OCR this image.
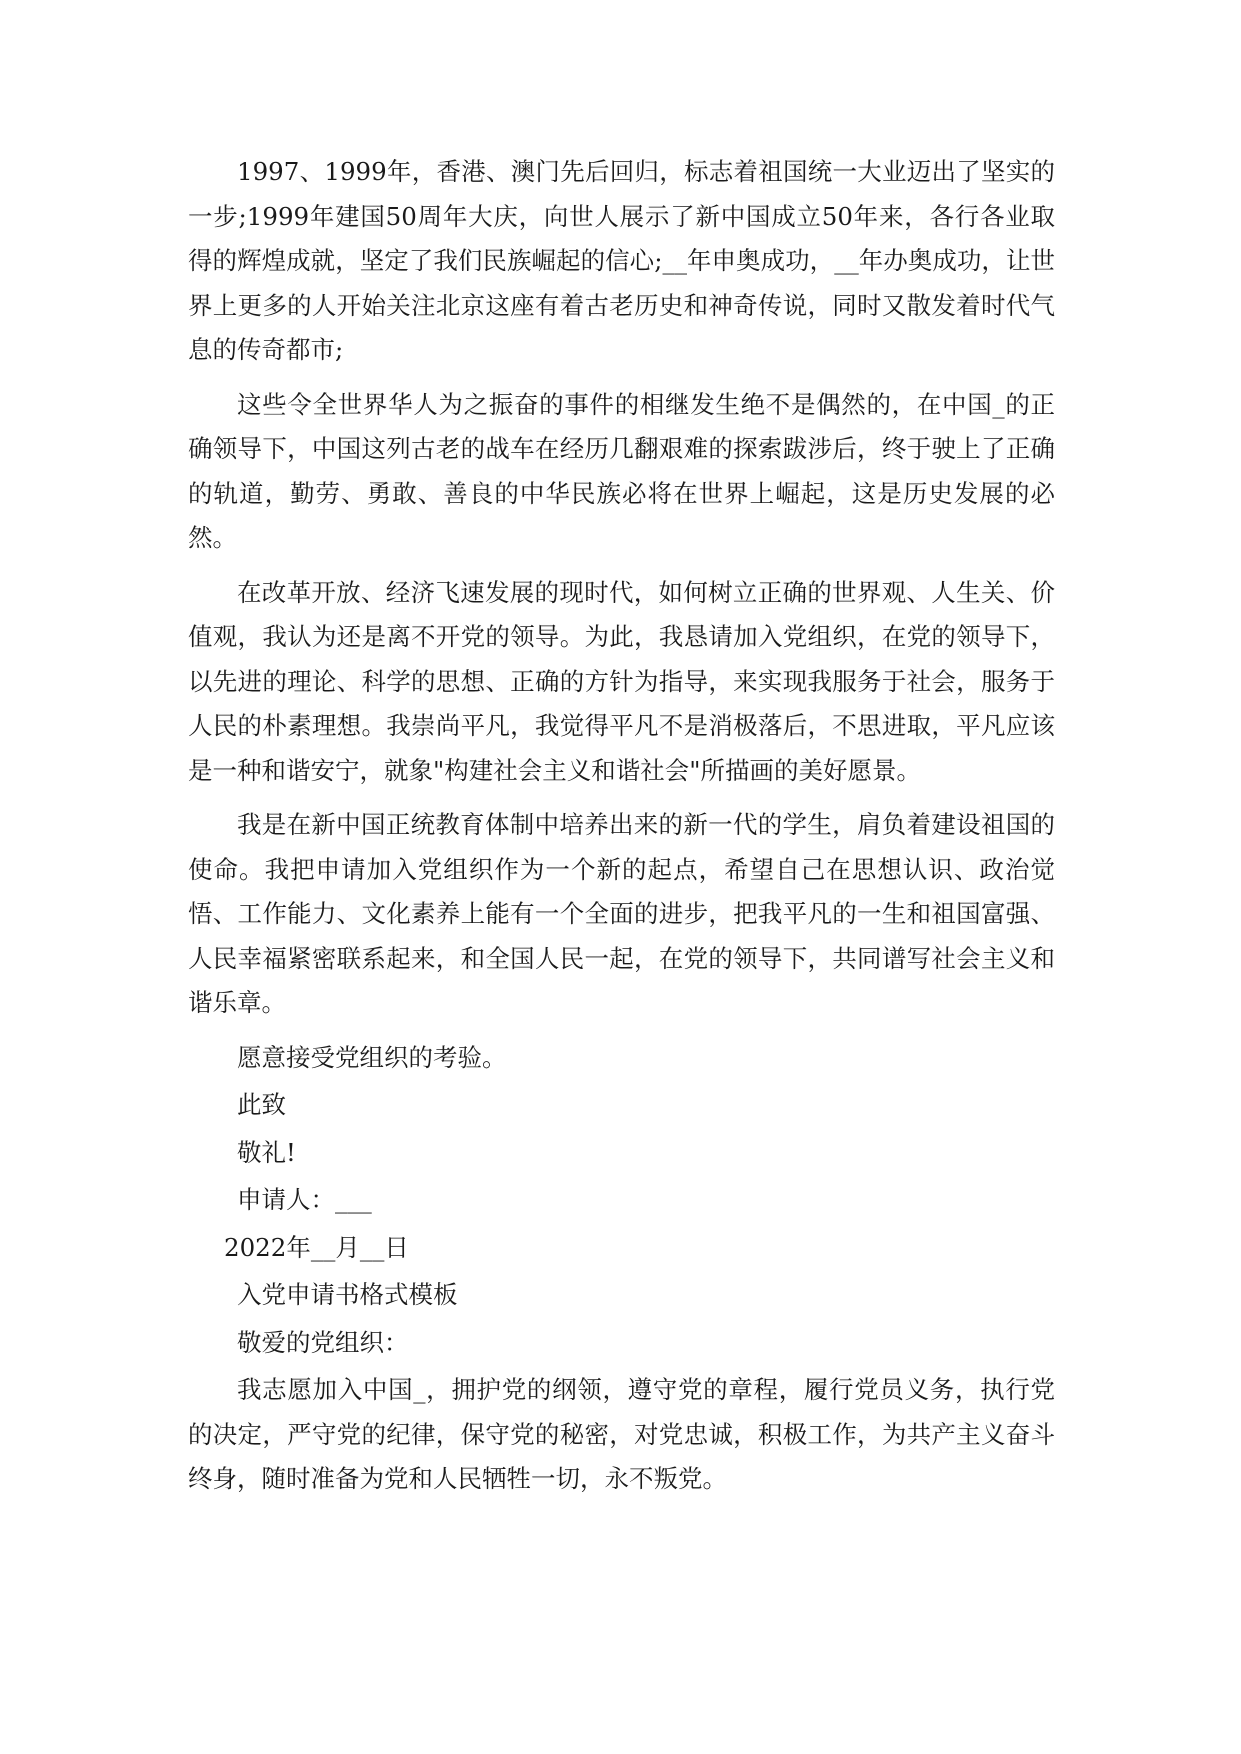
1997、1999年，香港、澳门先后回归，标志着祖国统一大业迈出了坚实的一步;1999年建国50周年大庆，向世人展示了新中国成立50年来，各行各业取得的辉煌成就，坚定了我们民族崛起的信心;__年申奥成功，__年办奥成功，让世界上更多的人开始关注北京这座有着古老历史和神奇传说，同时又散发着时代气息的传奇都市;

这些令全世界华人为之振奋的事件的相继发生绝不是偶然的，在中国_的正确领导下，中国这列古老的战车在经历几翻艰难的探索跋涉后，终于驶上了正确的轨道，勤劳、勇敢、善良的中华民族必将在世界上崛起，这是历史发展的必然。

在改革开放、经济飞速发展的现时代，如何树立正确的世界观、人生关、价值观，我认为还是离不开党的领导。为此，我恳请加入党组织，在党的领导下，以先进的理论、科学的思想、正确的方针为指导，来实现我服务于社会，服务于人民的朴素理想。我崇尚平凡，我觉得平凡不是消极落后，不思进取，平凡应该是一种和谐安宁，就象"构建社会主义和谐社会"所描画的美好愿景。

我是在新中国正统教育体制中培养出来的新一代的学生，肩负着建设祖国的使命。我把申请加入党组织作为一个新的起点，希望自己在思想认识、政治觉悟、工作能力、文化素养上能有一个全面的进步，把我平凡的一生和祖国富强、人民幸福紧密联系起来，和全国人民一起，在党的领导下，共同谱写社会主义和谐乐章。

愿意接受党组织的考验。

此致

敬礼!

申请人：___

2022年__月__日

入党申请书格式模板

敬爱的党组织：

我志愿加入中国_，拥护党的纲领，遵守党的章程，履行党员义务，执行党的决定，严守党的纪律，保守党的秘密，对党忠诚，积极工作，为共产主义奋斗终身，随时准备为党和人民牺牲一切，永不叛党。
